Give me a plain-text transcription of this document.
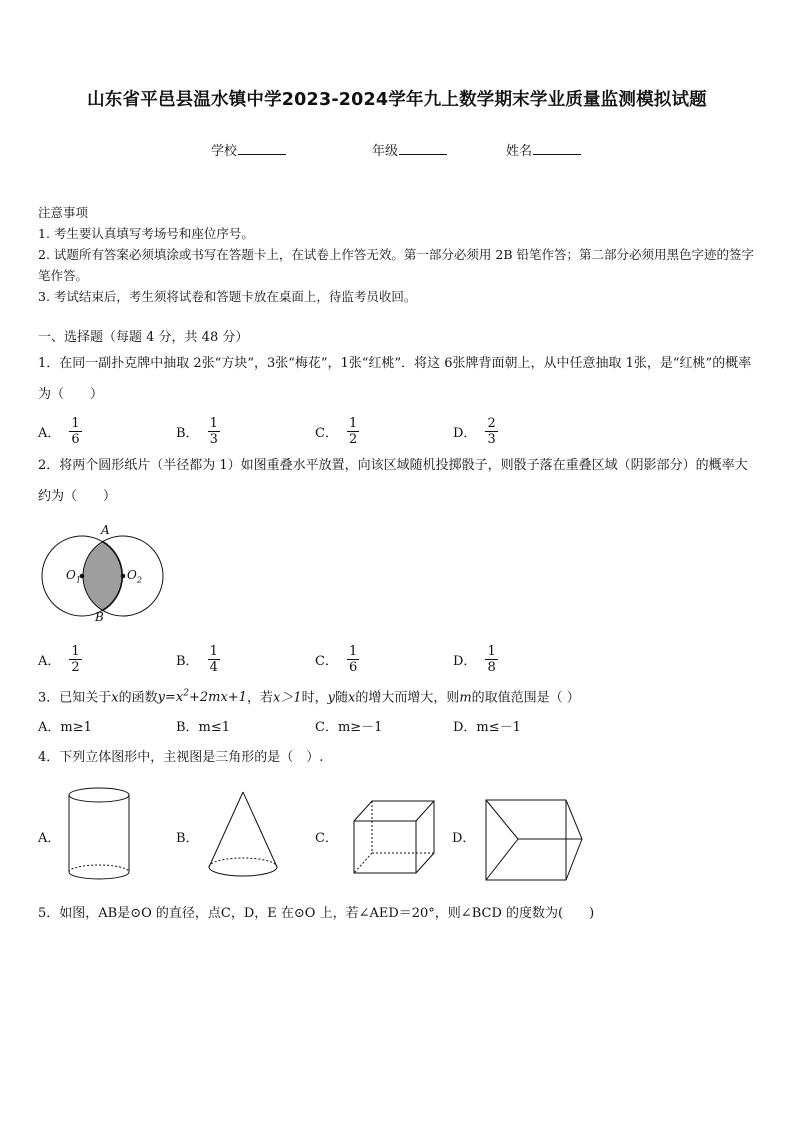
山东省平邑县温水镇中学2023-2024学年九上数学期末学业质量监测模拟试题
学校	年级	姓名

注意事项

1. 考生要认真填写考场号和座位序号。

2. 试题所有答案必须填涂或书写在答题卡上，在试卷上作答无效。第一部分必须用 2B 铅笔作答；第二部分必须用黑色字迹的签字笔作答。

3. 考试结束后，考生须将试卷和答题卡放在桌面上，待监考员收回。

一、选择题（每题 4 分，共 48 分）

1．在同一副扑克牌中抽取 2张“方块”，3张“梅花”，1张“红桃”．将这 6张牌背面朝上，从中任意抽取 1张，是“红桃”的概率为（　　）

A． $\frac{1}{6}$	B． $\frac{1}{3}$	C． $\frac{1}{2}$	D． $\frac{2}{3}$

2．将两个圆形纸片（半径都为 1）如图重叠水平放置，向该区域随机投掷骰子，则骰子落在重叠区域（阴影部分）的概率大约为（　　）

A
B
$O_1$	$O_2$
A． $\frac{1}{2}$	B． $\frac{1}{4}$	C． $\frac{1}{6}$	D． $\frac{1}{8}$

3．已知关于x的函数$y=x^2+2mx+1$，若x＞1时，y随x的增大而增大，则m的取值范围是（ ）

A．m≥1	B．m≤1	C．m≥－1	D．m≤－1

4．下列立体图形中，主视图是三角形的是（　）.

A．	B．	C．	D．

5．如图，AB是⊙O 的直径，点C，D，E 在⊙O 上，若∠AED＝20°，则∠BCD 的度数为(　　)
